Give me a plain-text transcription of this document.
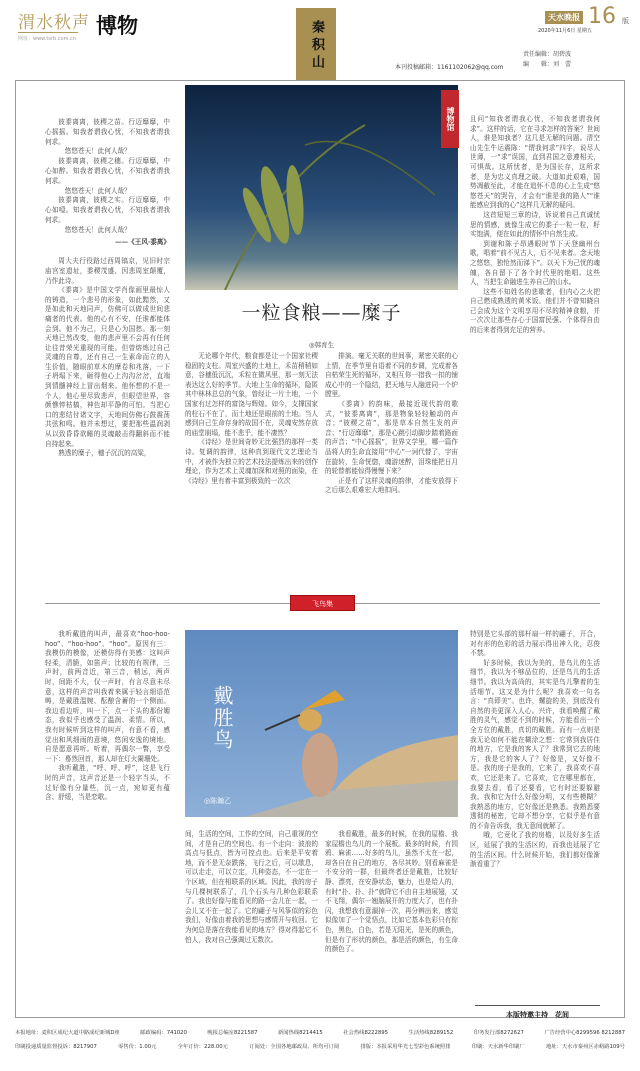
渭水秋声
网址：www.tsrb.com.cn
博物	秦 积 山
天水晚报 16 版
2020年11月6日 星期五
责任编辑：胡碧波
编　　辑：刘　蕾
本刊投稿邮箱：1161102062@qq.com

彼黍离离，彼稷之苗。行迈靡靡，中心摇摇。知我者谓我心忧，不知我者谓我何求。

悠悠苍天！此何人哉？

彼黍离离，彼稷之穗。行迈靡靡，中心如醉。知我者谓我心忧，不知我者谓我何求。

悠悠苍天！此何人哉？

彼黍离离，彼稷之实。行迈靡靡，中心如噎。知我者谓我心忧，不知我者谓我何求。

悠悠苍天！此何人哉？

——《王风·黍离》

周大夫行役路过西周镐京，见旧时宗庙宫室遗址，黍稷茂盛，因悲周室颠覆，乃作此诗。

《黍离》是中国文学肖像画里最惊人的铸造，一个悲号的形象，如此黯然，又是如此和天地同声，仿佛可以做成世间悲痛者的代表。他的心有不安，任谁都能体会到。他不为己，只是心为国愁。那一刻天地已然改变，他的悲声里不会再有任何让往昔荣光重现的可能。但曾熔炼过自己灵魂的自尊，还有自己一生素命而立的人生价值，随眼前草木的摩卷和兆落，一下子坍塌下来，砸得他心上沟沟岔岔，直端到情髓神经上冒出烟来。他怀想的不是一个人，他心里尽致悲声，但眼望世界，容颜憔悴枯槁，神色却平静的可怕。当把心口的悲结付诸文字，天地间仿佛石鼓震荡共弦和鸣。他并未想过，要把那些温润剥从以致昏昏欲睡的灵魂敲击得翻斜而不能自持起来。

熟透的糜子，穗子沉沉的高粱，

博物馆
一粒食粮——糜子
◎韩育生

无论哪个年代，粮食都是让一个国家社稷稳固的支柱。周室兴盛的土地上，禾苗稍稍如意，谷穗低沉沉，禾粒在微风里，那一刻无法表达这么好的季节。大地上生命的循环，隐匿其中林林总总的气象，曾经让一片土地，一个国家有过怎样的富饶与辉煌。如今，支撑国家的柱石不在了，而土地还是眼前的土地。当人感到自己生命存身的故国不在，灵魂安然存放的庙堂崩塌，能不悲乎，能不凄然？

《诗经》是世间奇妙无比强烈的那样一类诗。复调的韵律，这种真到现代文艺理论当中，才被作为独立的艺术技法提炼出来的创作理论，作为艺术上灵魂加深和对照的面染，在《诗经》里有着丰富到极致的一次次

排演。毫无关联的世间事，紧密关联的心上情，在季节里自语着不同的步调，完成着各自枯荣生死的循环，又相互你一措我一扣的铺成心中的一个隐结，把天地与人融进同一个炉膛里。

《黍离》的韵味，最接近现代韵的歌式，“彼黍离离”，那是物象轻轻触动的声音；“彼稷之苗”，那是草本自然生发的声音；“行迈靡靡”，那是心跳引动脚步踏着路面的声音；“中心摇摇”，世界文学里，哪一篇作品将人的生命直接用“中心”一词代替了，宇宙在旋转，生命恍惚，魂游迷醉，泪珠能把日月的轮替都能惊得慢慢下来？

正是有了这样灵魂的韵律，才能安放得下之后那么艰难宏大地扣问。

且问“知我者谓我心忧，不知我者谓我何求”。这样的话，它在寻求怎样的答案？世间人，谁是知我者？这几是无解的问题。清空山先生牛运震陈：“谓我何求”四字，说尽人世薄，一“求”误国，直到君国之意遵相关，可惧哉。这所忧者，是为国长存，这所求者，是为忠义真理之破。大道如此艰难，国势凋敝至此，才能在追怀不息的心上生成“悠悠苍天”的哭告，才会有“谁是我的路人”“谁能感应到我的心”这样几无解的疑问。

这首短短三章的诗，诉说着自己真诚忧思的情感，就像生成它的黍子一粒一粒，籽实饱满，便在如此的情怀中自然生成。

到谢和陈子昂遇眼时节下天登幽州台歌，唱着“前不见古人，后不见来者。念天地之悠悠，独怆然而涕下”。以天下为己忧的魂魄，各自留下了各个时代里的绝唱。这些人，当把生命融进生养自己的山水。

这些不知姓名的悲歌者，但内心之火把自己燃成熟透的黄米饭。他们并不曾知晓自己会成为这个文明享用不尽的精神食粮，并一次次让那些存心于国富民强、个体得自由的后来者得到充足的营养。

飞鸟集

我听戴胜的叫声，最喜欢“hoo-hoo-hoo”、“hoo-hoo”、“hoo”。原因有三：我模仿的模像，还模仿得有美感：这叫声轻柔，清脆，如笛声；比较的有规律，三声时，前两音近，第三音，稍远，两声时，间距不大，仅一声时，有言尽意未尽意，这样的声音叫我着来属于轻言细语范畴，是戴胜温婉、酝酿含蓄的一个侧面。我边看边听，叫一下，点一下头的那份媚态，我似乎也感受了温润、柔情。所以，我有时候听到这样的叫声，有意不看，感觉出和风细雨的意境，悠闲安逸的境地。自是愿意再听。听着，再偶尔一瞥，享受一下：蓦然回首，那人却在灯火阑珊处。

我听戴胜，“呼、呼、呼”，这是飞行时的声音，这声音还是一个轻字当头，不过好像有分量些，沉一点，宛如更有蕴含、舒缓，当是恋歌。

戴胜鸟
◎陈瀚乙

间，生活的空间，工作的空间，自己重视的空间，才是自己的空间也。有一个走向：波浪的高点与低点，皆为可控点也。后来是平安着地，而不是无奈跌落，飞行之后，可以歇息，可以走走，可以立定，几种姿态，不一定在一个区域，但在相联系的区域。因此，我的房子与几棵树联系了，几个石头与几种色彩联系了。我也好像与能看见的路一会儿在一起，一会儿又不在一起了。它的翩子与风筝似的彩色我们，好像由着我的思想与感情开与收回。它为何总是落在我能看见的地方？得对得起它不怕人，我对自己强调过无数次。

我看戴胜，最多的时候，在我的屋檐、我家屋檐也鸟儿的一个展板。最多的时候，有园鸦、麻雀……好多的鸟儿，虽然不太在一起，却各自在自己的地方，各尽其妙。别看麻雀是不安分的一群，但最终者还是戴胜，比较好静、漂亮，在安静状态，魅力，也是给人的，有时“扑、扑、扑”就降它不由自主地展翅，又不飞翔，偶尔一翘脑展开的力度大了，也有扑闪，我想我有意漏掉一次，再分辨出来，感觉似像加了一个觉悟点，比如它基本色彩只有棕色，黑色，白色，若是无阳光，是死的颜色，但是有了形状的颜色，那是活的颜色，有生命的颜色了。

特别是它头部的那杆扇一样的翩子，开合，对有形的色彩的活力展示得出神入化，忍俊不禁。

好多时候，我以为美的，是鸟儿的生活细节，我以为不够品位的，还是鸟儿的生活细节。我以为高尚的，其实是鸟儿擎着的生活细节。这又是为什么呢？我喜欢一句名言：“真即美”。也许，螺旋的美，到底没有自然的美更深入人心。兴许，我看唤醒了戴胜的灵气，感觉不到的时候，方能看出一个全方位的戴胜，真切的戴胜。而有一点则是我无论如何不能在糊涂之想：它常到我居住的地方，它是我的客人了？我常到它去的地方，我是它的客人了？好像是，又好像不是。我的房子是我的，它来了，我喜欢不喜欢，它还是来了。它喜欢，它在哪里都在，我要去看，看了还要看，它有时还要躲避我。我和它为什么好像分明，又有些模糊？我熟悉的地方，它好像还是熟悉。我熟悉要透彻的秘密，它却不想分享，它似乎是有意的不肯告诉我，我无意间就解了。

哦，它竟化了我的房檐，以及好多生活区，延展了我的生活区的，而我也延展了它的生活区间。什么时候开始，我们都好像渐渐看重了？

本版特邀主持　花间
本报地址：麦积区成纪大道中路成纪新城D座	邮政编码：741020	晚报总编室8221587	新闻热线8214415	社会热线8222895	生活热线8289152	印务发行部8272627	广告经营中心8299596 8212887
印刷投递质量监督投诉：8217907	零售价：1.00元	全年订价：228.00元	订阅处：全国各地邮政局、所均可订阅	排版：本报采用华光七型彩色系统照排	印刷：天水新华印刷厂	地址：天水市秦州区赤峪路109号
